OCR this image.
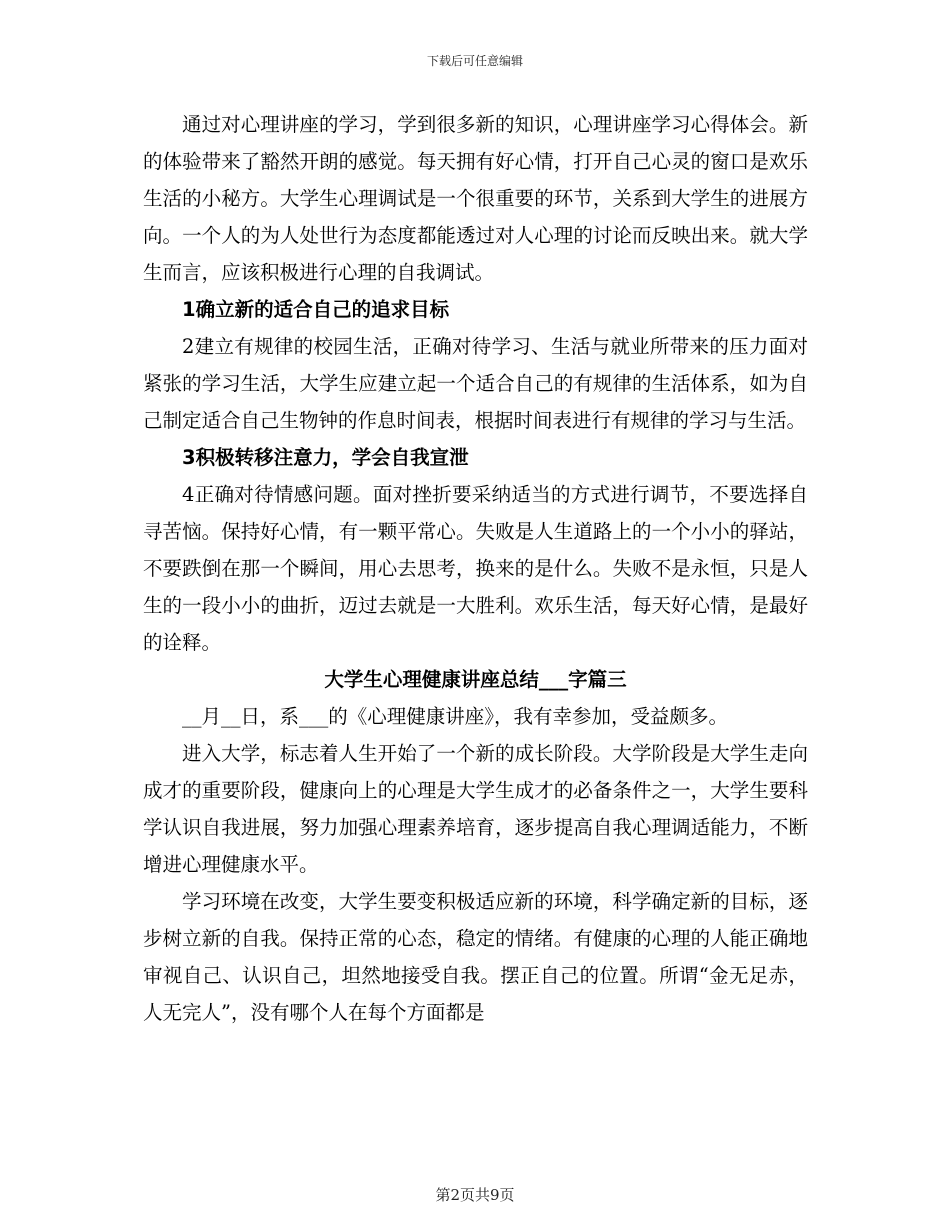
下载后可任意编辑

通过对心理讲座的学习，学到很多新的知识，心理讲座学习心得体会。新的体验带来了豁然开朗的感觉。每天拥有好心情，打开自己心灵的窗口是欢乐生活的小秘方。大学生心理调试是一个很重要的环节，关系到大学生的进展方向。一个人的为人处世行为态度都能透过对人心理的讨论而反映出来。就大学生而言，应该积极进行心理的自我调试。

1确立新的适合自己的追求目标

2建立有规律的校园生活，正确对待学习、生活与就业所带来的压力面对紧张的学习生活，大学生应建立起一个适合自己的有规律的生活体系，如为自己制定适合自己生物钟的作息时间表，根据时间表进行有规律的学习与生活。

3积极转移注意力，学会自我宣泄

4正确对待情感问题。面对挫折要采纳适当的方式进行调节，不要选择自寻苦恼。保持好心情，有一颗平常心。失败是人生道路上的一个小小的驿站，不要跌倒在那一个瞬间，用心去思考，换来的是什么。失败不是永恒，只是人生的一段小小的曲折，迈过去就是一大胜利。欢乐生活，每天好心情，是最好的诠释。

大学生心理健康讲座总结___字篇三

__月__日，系___的《心理健康讲座》，我有幸参加，受益颇多。

进入大学，标志着人生开始了一个新的成长阶段。大学阶段是大学生走向成才的重要阶段，健康向上的心理是大学生成才的必备条件之一，大学生要科学认识自我进展，努力加强心理素养培育，逐步提高自我心理调适能力，不断增进心理健康水平。

学习环境在改变，大学生要变积极适应新的环境，科学确定新的目标，逐步树立新的自我。保持正常的心态，稳定的情绪。有健康的心理的人能正确地审视自己、认识自己，坦然地接受自我。摆正自己的位置。所谓“金无足赤，人无完人”，没有哪个人在每个方面都是

第2页共9页
